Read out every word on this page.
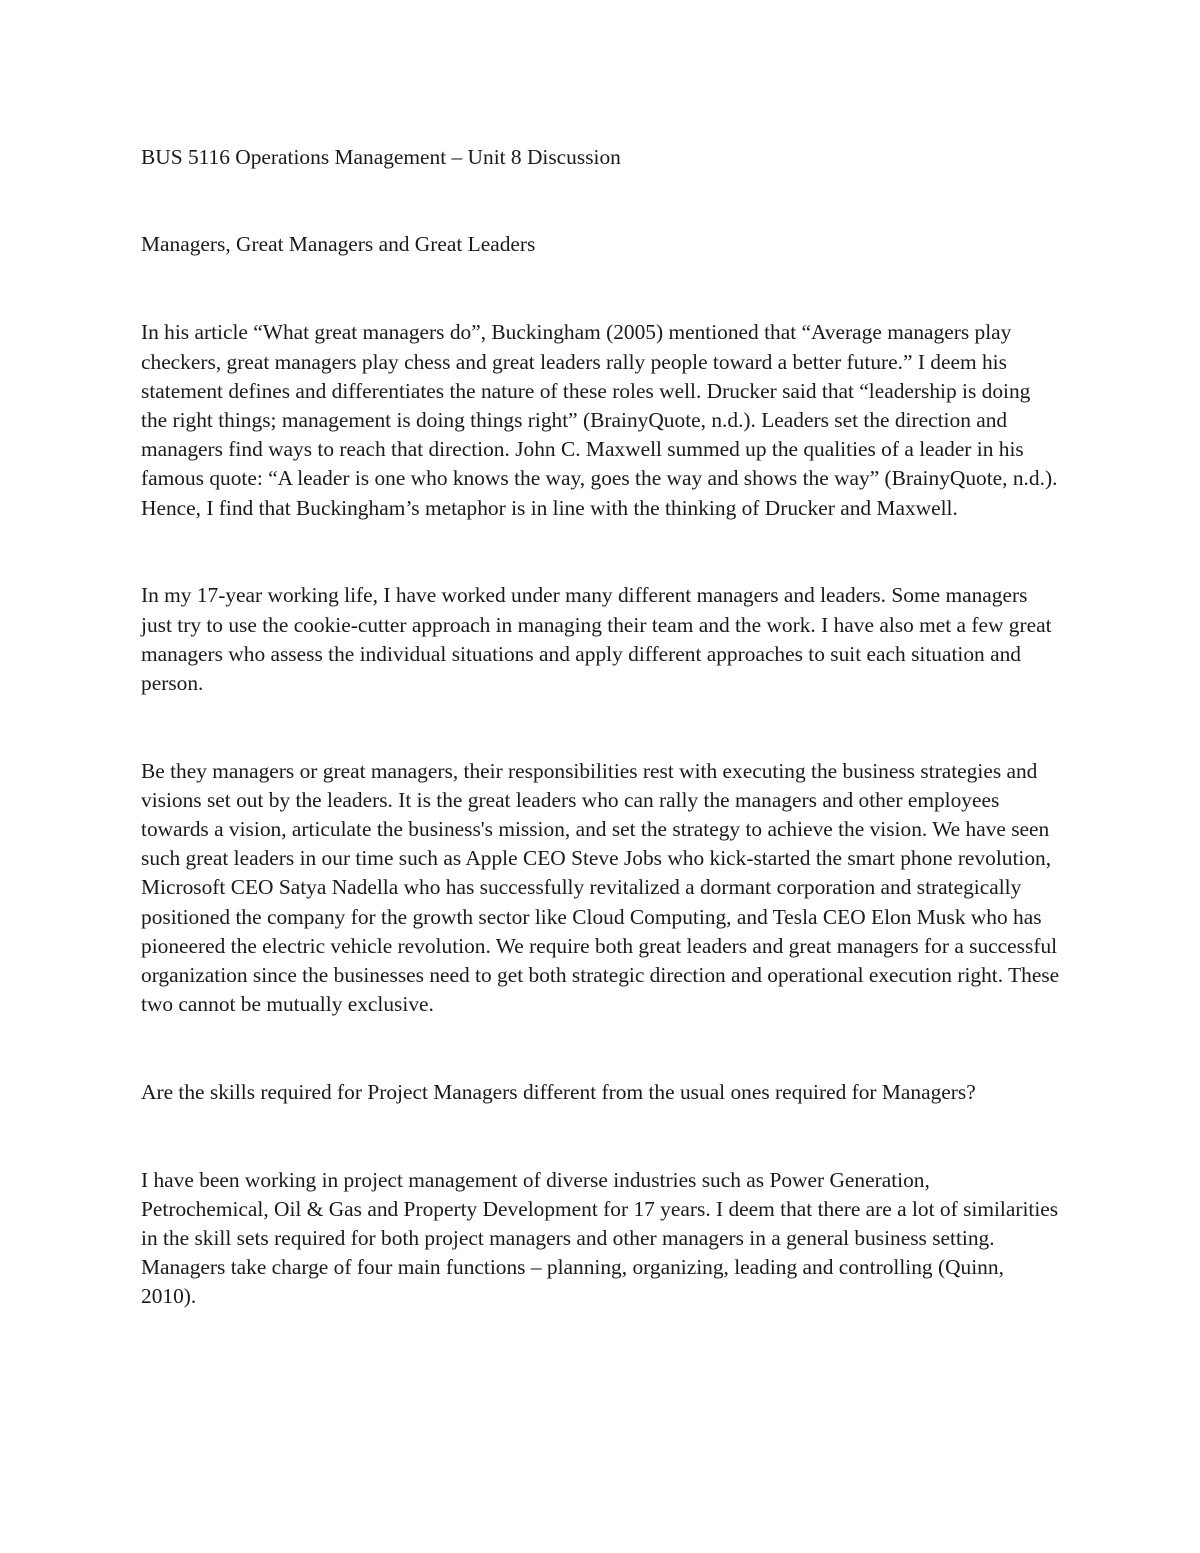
BUS 5116 Operations Management – Unit 8 Discussion

Managers, Great Managers and Great Leaders

In his article “What great managers do”, Buckingham (2005) mentioned that “Average managers play checkers, great managers play chess and great leaders rally people toward a better future.” I deem his statement defines and differentiates the nature of these roles well. Drucker said that “leadership is doing the right things; management is doing things right” (BrainyQuote, n.d.). Leaders set the direction and managers find ways to reach that direction. John C. Maxwell summed up the qualities of a leader in his famous quote: “A leader is one who knows the way, goes the way and shows the way” (BrainyQuote, n.d.). Hence, I find that Buckingham’s metaphor is in line with the thinking of Drucker and Maxwell.

In my 17-year working life, I have worked under many different managers and leaders. Some managers just try to use the cookie-cutter approach in managing their team and the work. I have also met a few great managers who assess the individual situations and apply different approaches to suit each situation and person.

Be they managers or great managers, their responsibilities rest with executing the business strategies and visions set out by the leaders. It is the great leaders who can rally the managers and other employees towards a vision, articulate the business's mission, and set the strategy to achieve the vision. We have seen such great leaders in our time such as Apple CEO Steve Jobs who kick-started the smart phone revolution, Microsoft CEO Satya Nadella who has successfully revitalized a dormant corporation and strategically positioned the company for the growth sector like Cloud Computing, and Tesla CEO Elon Musk who has pioneered the electric vehicle revolution. We require both great leaders and great managers for a successful organization since the businesses need to get both strategic direction and operational execution right. These two cannot be mutually exclusive.

Are the skills required for Project Managers different from the usual ones required for Managers?

I have been working in project management of diverse industries such as Power Generation, Petrochemical, Oil & Gas and Property Development for 17 years. I deem that there are a lot of similarities in the skill sets required for both project managers and other managers in a general business setting. Managers take charge of four main functions – planning, organizing, leading and controlling (Quinn, 2010).
